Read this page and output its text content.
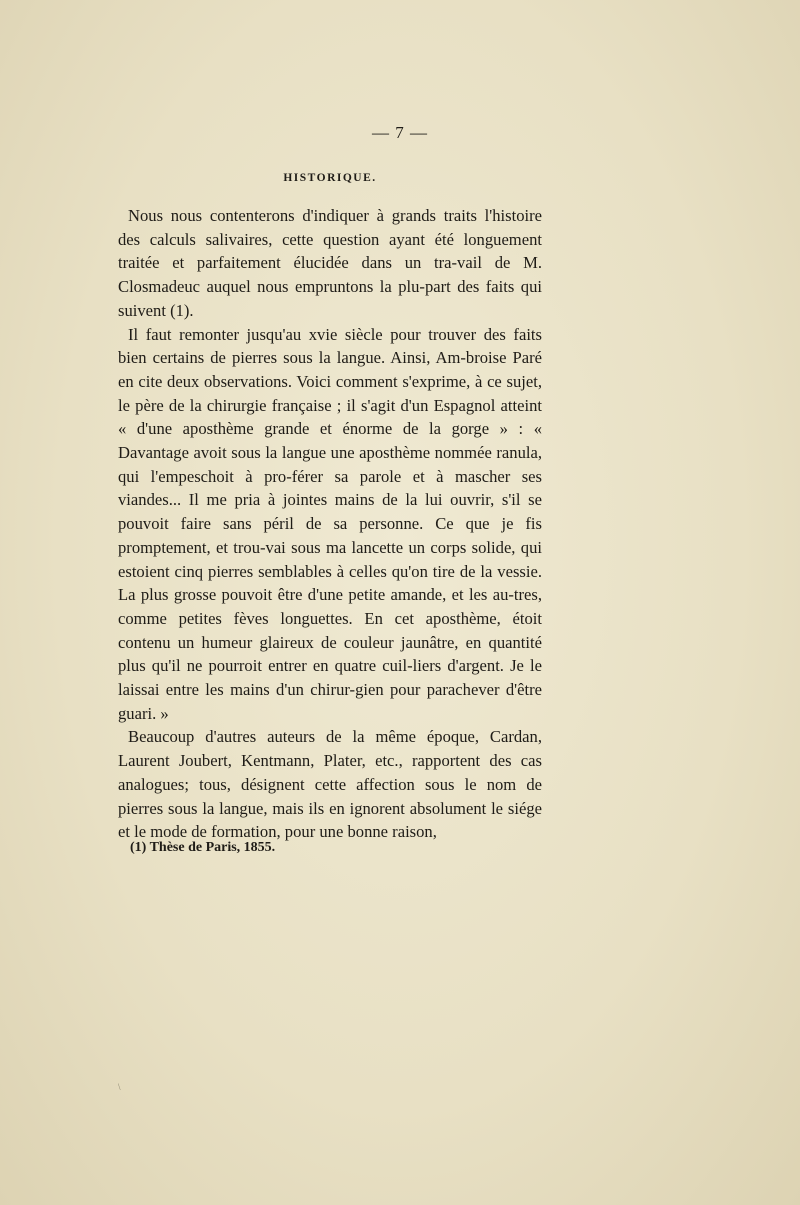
— 7 —
HISTORIQUE.

Nous nous contenterons d'indiquer à grands traits l'histoire des calculs salivaires, cette question ayant été longuement traitée et parfaitement élucidée dans un tra-vail de M. Closmadeuc auquel nous empruntons la plu-part des faits qui suivent (1).

Il faut remonter jusqu'au xvie siècle pour trouver des faits bien certains de pierres sous la langue. Ainsi, Am-broise Paré en cite deux observations. Voici comment s'exprime, à ce sujet, le père de la chirurgie française ; il s'agit d'un Espagnol atteint « d'une aposthème grande et énorme de la gorge » : « Davantage avoit sous la langue une aposthème nommée ranula, qui l'empeschoit à pro-férer sa parole et à mascher ses viandes... Il me pria à jointes mains de la lui ouvrir, s'il se pouvoit faire sans péril de sa personne. Ce que je fis promptement, et trou-vai sous ma lancette un corps solide, qui estoient cinq pierres semblables à celles qu'on tire de la vessie. La plus grosse pouvoit être d'une petite amande, et les au-tres, comme petites fèves longuettes. En cet aposthème, étoit contenu un humeur glaireux de couleur jaunâtre, en quantité plus qu'il ne pourroit entrer en quatre cuil-liers d'argent. Je le laissai entre les mains d'un chirur-gien pour parachever d'être guari. »

Beaucoup d'autres auteurs de la même époque, Cardan, Laurent Joubert, Kentmann, Plater, etc., rapportent des cas analogues; tous, désignent cette affection sous le nom de pierres sous la langue, mais ils en ignorent absolument le siége et le mode de formation, pour une bonne raison,

(1) Thèse de Paris, 1855.
\
